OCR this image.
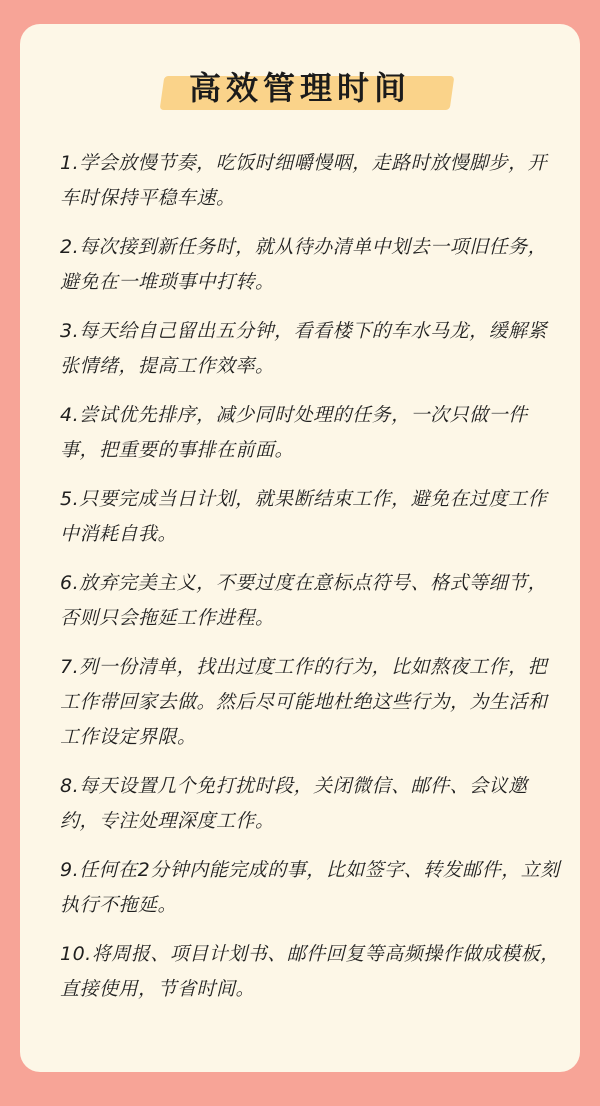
高效管理时间
1.学会放慢节奏，吃饭时细嚼慢咽，走路时放慢脚步，开车时保持平稳车速。
2.每次接到新任务时，就从待办清单中划去一项旧任务，避免在一堆琐事中打转。
3.每天给自己留出五分钟，看看楼下的车水马龙，缓解紧张情绪，提高工作效率。
4.尝试优先排序，减少同时处理的任务，一次只做一件事，把重要的事排在前面。
5.只要完成当日计划，就果断结束工作，避免在过度工作中消耗自我。
6.放弃完美主义，不要过度在意标点符号、格式等细节，否则只会拖延工作进程。
7.列一份清单，找出过度工作的行为，比如熬夜工作，把工作带回家去做。然后尽可能地杜绝这些行为，为生活和工作设定界限。
8.每天设置几个免打扰时段，关闭微信、邮件、会议邀约，专注处理深度工作。
9.任何在2分钟内能完成的事，比如签字、转发邮件，立刻执行不拖延。
10.将周报、项目计划书、邮件回复等高频操作做成模板，直接使用，节省时间。
